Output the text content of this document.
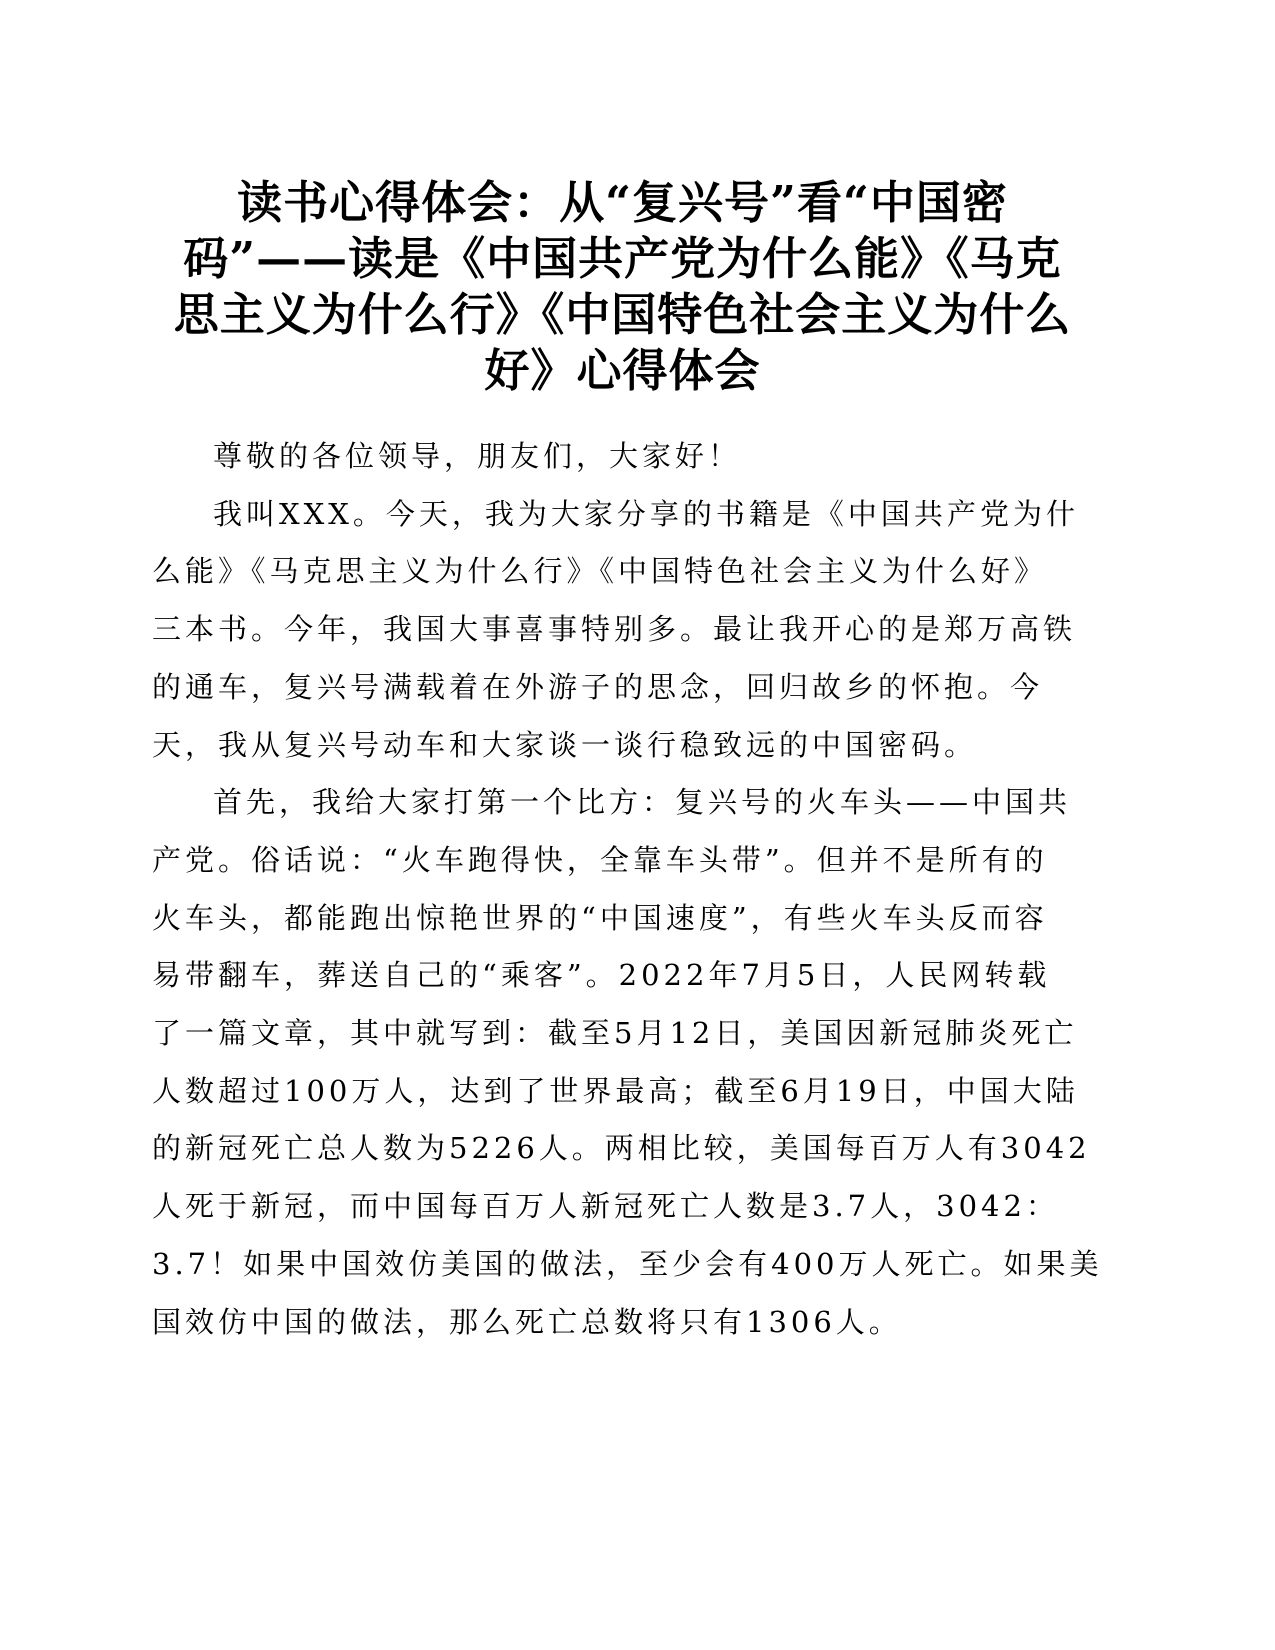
读书心得体会：从“复兴号”看“中国密
码”——读是《中国共产党为什么能》《马克
思主义为什么行》《中国特色社会主义为什么
好》心得体会
尊敬的各位领导，朋友们，大家好！
我叫XXX。今天，我为大家分享的书籍是《中国共产党为什
么能》《马克思主义为什么行》《中国特色社会主义为什么好》
三本书。今年，我国大事喜事特别多。最让我开心的是郑万高铁
的通车，复兴号满载着在外游子的思念，回归故乡的怀抱。今
天，我从复兴号动车和大家谈一谈行稳致远的中国密码。
首先，我给大家打第一个比方：复兴号的火车头——中国共
产党。俗话说：“火车跑得快，全靠车头带”。但并不是所有的
火车头，都能跑出惊艳世界的“中国速度”，有些火车头反而容
易带翻车，葬送自己的“乘客”。2022年7月5日，人民网转载
了一篇文章，其中就写到：截至5月12日，美国因新冠肺炎死亡
人数超过100万人，达到了世界最高；截至6月19日，中国大陆
的新冠死亡总人数为5226人。两相比较，美国每百万人有3042
人死于新冠，而中国每百万人新冠死亡人数是3.7人，3042：
3.7！如果中国效仿美国的做法，至少会有400万人死亡。如果美
国效仿中国的做法，那么死亡总数将只有1306人。
